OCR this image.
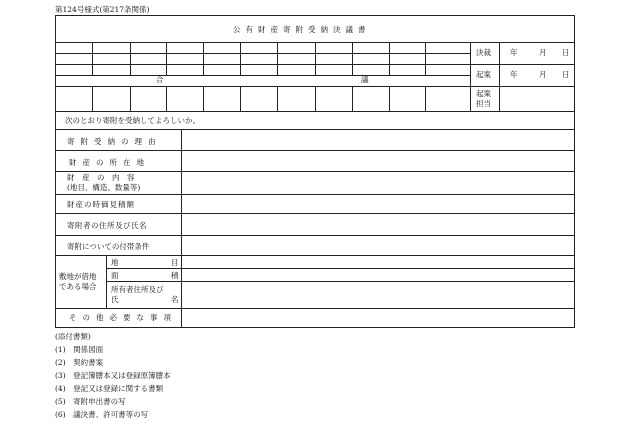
第124号様式(第217条関係)
公有財産寄附受納決議書
合	議
決裁	年	月 日
起案	年	月 日
起案
担当
次のとおり寄附を受納してよろしいか。
寄附受納の理由
財産の所在地
財　産　の　内　容
(地目、構造、数量等)
財産の時価見積額
寄附者の住所及び氏名
寄附についての付帯条件
敷地が借地
である場合
地	目
面	積
所有者住所及び
氏	名
その他必要な事項
(添付書類)
(1)　関係図面
(2)　契約書案
(3)　登記簿謄本又は登録原簿謄本
(4)　登記又は登録に関する書類
(5)　寄附申出書の写
(6)　議決書、許可書等の写
